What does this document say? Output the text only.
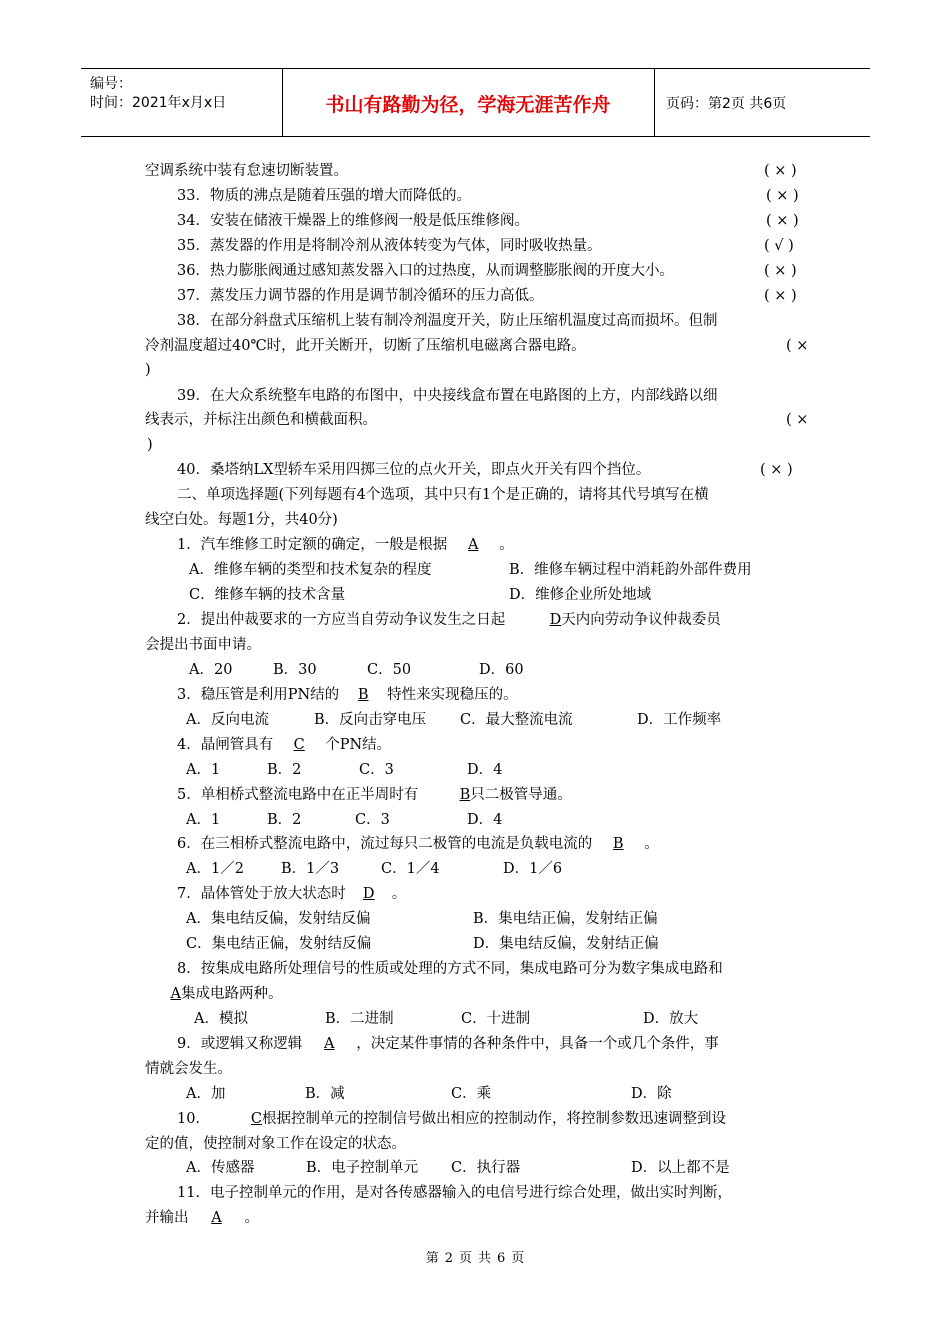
编号：
时间：2021年x月x日	书山有路勤为径，学海无涯苦作舟	页码：第2页 共6页
空调系统中装有怠速切断装置。	( × )
33．物质的沸点是随着压强的增大而降低的。	( × )
34．安装在储液干燥器上的维修阀一般是低压维修阀。	( × )
35．蒸发器的作用是将制冷剂从液体转变为气体，同时吸收热量。	( √ )
36．热力膨胀阀通过感知蒸发器入口的过热度，从而调整膨胀阀的开度大小。	( × )
37．蒸发压力调节器的作用是调节制冷循环的压力高低。	( × )
38．在部分斜盘式压缩机上装有制冷剂温度开关，防止压缩机温度过高而损坏。但制
冷剂温度超过40℃时，此开关断开，切断了压缩机电磁离合器电路。	( ×
)
39．在大众系统整车电路的布图中，中央接线盒布置在电路图的上方，内部线路以细
线表示，并标注出颜色和横截面积。	( ×
)
40．桑塔纳LX型轿车采用四掷三位的点火开关，即点火开关有四个挡位。	( × )
二、单项选择题(下列每题有4个选项，其中只有1个是正确的，请将其代号填写在横
线空白处。每题1分，共40分)
1．汽车维修工时定额的确定，一般是根据 A 。
A．维修车辆的类型和技术复杂的程度	B．维修车辆过程中消耗韵外部件费用
C．维修车辆的技术含量	D．维修企业所处地域
2．提出仲裁要求的一方应当自劳动争议发生之日起	D天内向劳动争议仲裁委员
会提出书面申请。
A．20	B．30	C．50	D．60
3．稳压管是利用PN结的 B 特性来实现稳压的。
A．反向电流	B．反向击穿电压 C．最大整流电流	D．工作频率
4．晶闸管具有 C 个PN结。
A．1	B．2	C．3	D．4
5．单相桥式整流电路中在正半周时有	B只二极管导通。
A．1	B．2	C．3	D．4
6．在三相桥式整流电路中，流过每只二极管的电流是负载电流的 B 。
A．1／2	B．1／3	C．1／4	D．1／6
7．晶体管处于放大状态时 D 。
A．集电结反偏，发射结反偏	B．集电结正偏，发射结正偏
C．集电结正偏，发射结反偏	D．集电结反偏，发射结正偏
8．按集成电路所处理信号的性质或处理的方式不同，集成电路可分为数字集成电路和
A集成电路两种。
A．模拟	B．二进制	C．十进制	D．放大
9．或逻辑又称逻辑 A ，决定某件事情的各种条件中，具备一个或几个条件，事
情就会发生。
A．加	B．减	C．乘	D．除
10．	C根据控制单元的控制信号做出相应的控制动作，将控制参数迅速调整到设
定的值，使控制对象工作在设定的状态。
A．传感器	B．电子控制单元 C．执行器	D．以上都不是
11．电子控制单元的作用，是对各传感器输入的电信号进行综合处理，做出实时判断，
并输出 A 。
第 2 页 共 6 页
